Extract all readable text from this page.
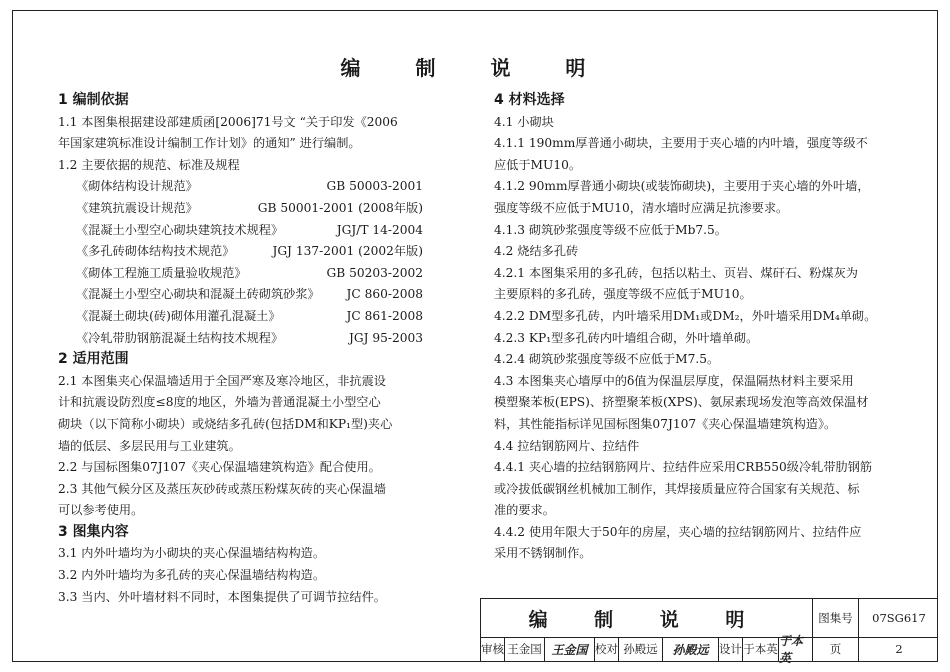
编 制 说 明
1 编制依据
1.1 本图集根据建设部建质函[2006]71号文 “关于印发《2006
年国家建筑标准设计编制工作计划》的通知” 进行编制。
1.2 主要依据的规范、标准及规程
《砌体结构设计规范》	GB 50003-2001
《建筑抗震设计规范》	GB 50001-2001 (2008年版)
《混凝土小型空心砌块建筑技术规程》	JGJ/T 14-2004
《多孔砖砌体结构技术规范》	JGJ 137-2001 (2002年版)
《砌体工程施工质量验收规范》	GB 50203-2002
《混凝土小型空心砌块和混凝土砖砌筑砂浆》 JC 860-2008
《混凝土砌块(砖)砌体用灌孔混凝土》	JC 861-2008
《冷轧带肋钢筋混凝土结构技术规程》	JGJ 95-2003
2 适用范围
2.1 本图集夹心保温墙适用于全国严寒及寒冷地区，非抗震设
计和抗震设防烈度≤8度的地区，外墙为普通混凝土小型空心
砌块（以下简称小砌块）或烧结多孔砖(包括DM和KP₁型)夹心
墙的低层、多层民用与工业建筑。
2.2 与国标图集07J107《夹心保温墙建筑构造》配合使用。
2.3 其他气候分区及蒸压灰砂砖或蒸压粉煤灰砖的夹心保温墙
可以参考使用。
3 图集内容
3.1 内外叶墙均为小砌块的夹心保温墙结构构造。
3.2 内外叶墙均为多孔砖的夹心保温墙结构构造。
3.3 当内、外叶墙材料不同时，本图集提供了可调节拉结件。
4 材料选择
4.1 小砌块
4.1.1 190mm厚普通小砌块，主要用于夹心墙的内叶墙，强度等级不
应低于MU10。
4.1.2 90mm厚普通小砌块(或装饰砌块)，主要用于夹心墙的外叶墙，
强度等级不应低于MU10，清水墙时应满足抗渗要求。
4.1.3 砌筑砂浆强度等级不应低于Mb7.5。
4.2 烧结多孔砖
4.2.1 本图集采用的多孔砖，包括以粘土、页岩、煤矸石、粉煤灰为
主要原料的多孔砖，强度等级不应低于MU10。
4.2.2 DM型多孔砖，内叶墙采用DM₁或DM₂，外叶墙采用DM₄单砌。
4.2.3 KP₁型多孔砖内叶墙组合砌，外叶墙单砌。
4.2.4 砌筑砂浆强度等级不应低于M7.5。
4.3 本图集夹心墙厚中的δ值为保温层厚度，保温隔热材料主要采用
模塑聚苯板(EPS)、挤塑聚苯板(XPS)、氨尿素现场发泡等高效保温材
料，其性能指标详见国标图集07J107《夹心保温墙建筑构造》。
4.4 拉结钢筋网片、拉结件
4.4.1 夹心墙的拉结钢筋网片、拉结件应采用CRB550级冷轧带肋钢筋
或冷拔低碳钢丝机械加工制作，其焊接质量应符合国家有关规范、标
准的要求。
4.4.2 使用年限大于50年的房屋，夹心墙的拉结钢筋网片、拉结件应
采用不锈钢制作。
编 制 说 明	图集号	07SG617
审核 王金国 王金国 校对 孙殿远	孙殿远 设计 于本英
于本英
页	2
